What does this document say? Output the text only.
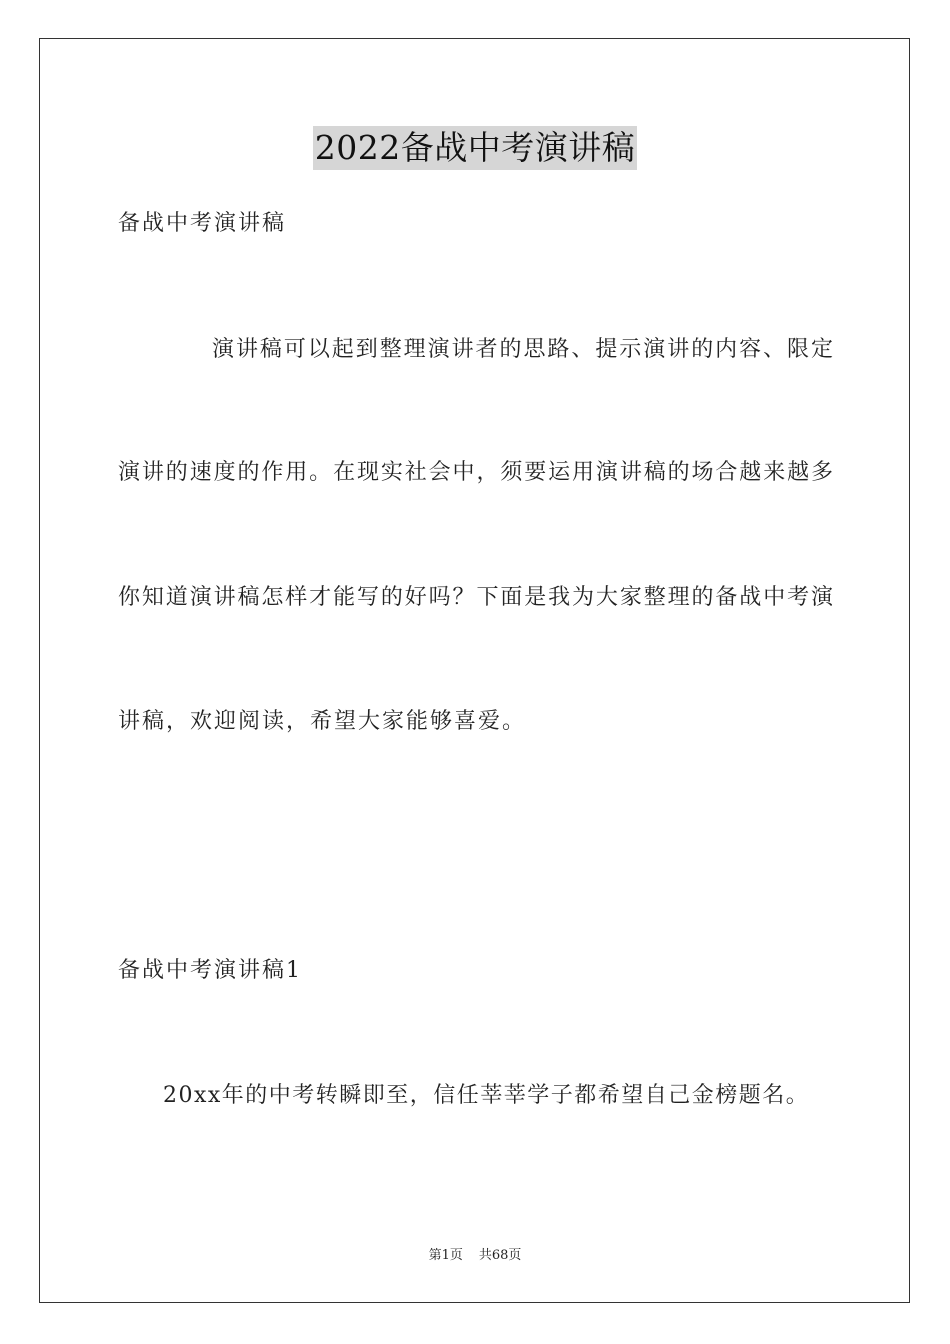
2022备战中考演讲稿
备战中考演讲稿
演讲稿可以起到整理演讲者的思路、提示演讲的内容、限定
演讲的速度的作用。在现实社会中，须要运用演讲稿的场合越来越多
你知道演讲稿怎样才能写的好吗？下面是我为大家整理的备战中考演
讲稿，欢迎阅读，希望大家能够喜爱。
备战中考演讲稿1
20xx年的中考转瞬即至，信任莘莘学子都希望自己金榜题名。
第1页 共68页
